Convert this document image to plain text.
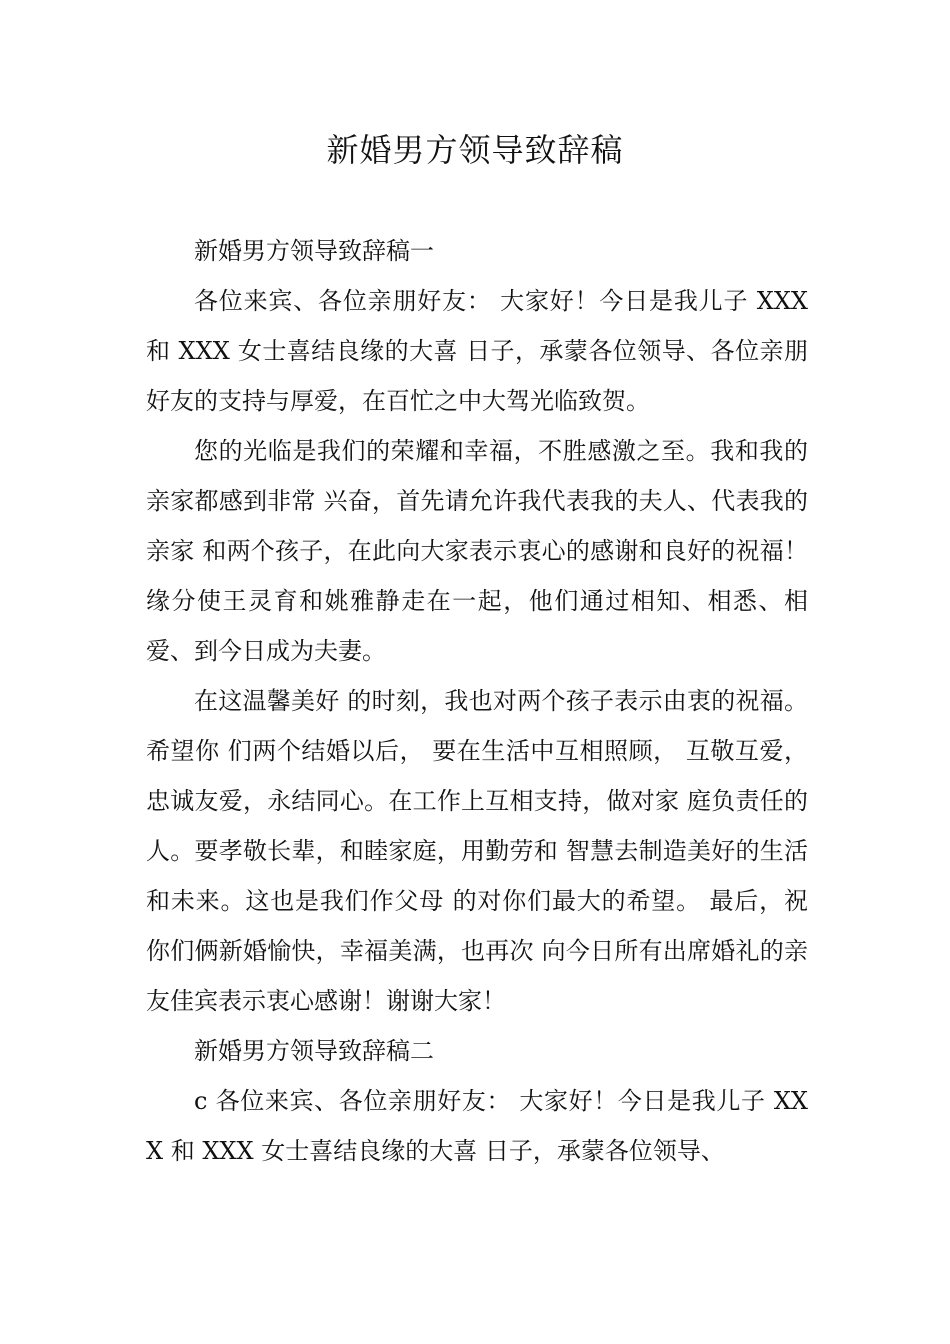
新婚男方领导致辞稿

新婚男方领导致辞稿一

各位来宾、各位亲朋好友： 大家好！今日是我儿子 XXX 和 XXX 女士喜结良缘的大喜 日子，承蒙各位领导、各位亲朋好友的支持与厚爱，在百忙之中大驾光临致贺。

您的光临是我们的荣耀和幸福，不胜感激之至。我和我的亲家都感到非常 兴奋，首先请允许我代表我的夫人、代表我的亲家 和两个孩子，在此向大家表示衷心的感谢和良好的祝福！缘分使王灵育和姚雅静走在一起，他们通过相知、相悉、相爱、到今日成为夫妻。

在这温馨美好 的时刻，我也对两个孩子表示由衷的祝福。希望你 们两个结婚以后， 要在生活中互相照顾， 互敬互爱， 忠诚友爱，永结同心。在工作上互相支持，做对家 庭负责任的人。要孝敬长辈，和睦家庭，用勤劳和 智慧去制造美好的生活和未来。这也是我们作父母 的对你们最大的希望。 最后，祝你们俩新婚愉快，幸福美满，也再次 向今日所有出席婚礼的亲友佳宾表示衷心感谢！谢谢大家！

新婚男方领导致辞稿二

c 各位来宾、各位亲朋好友： 大家好！今日是我儿子 XXX 和 XXX 女士喜结良缘的大喜 日子，承蒙各位领导、
